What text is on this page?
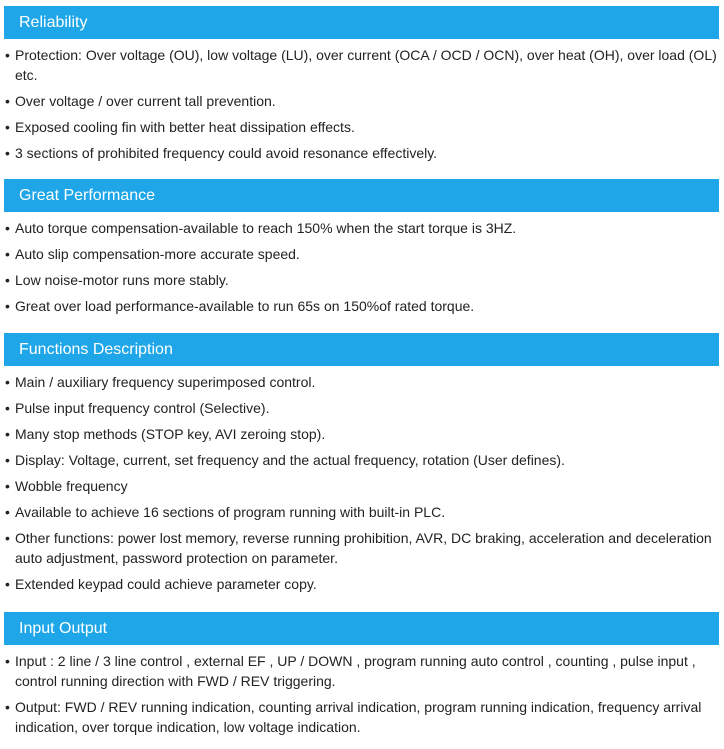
Reliability
• Protection: Over voltage (OU), low voltage (LU), over current (OCA / OCD / OCN), over heat (OH), over load (OL) etc.
• Over voltage / over current tall prevention.
• Exposed cooling fin with better heat dissipation effects.
• 3 sections of prohibited frequency could avoid resonance effectively.
Great Performance
• Auto torque compensation-available to reach 150% when the start torque is 3HZ.
• Auto slip compensation-more accurate speed.
• Low noise-motor runs more stably.
• Great over load performance-available to run 65s on 150%of rated torque.
Functions Description
• Main / auxiliary frequency superimposed control.
• Pulse input frequency control (Selective).
• Many stop methods (STOP key, AVI zeroing stop).
• Display: Voltage, current, set frequency and the actual frequency, rotation (User defines).
• Wobble frequency
• Available to achieve 16 sections of program running with built-in PLC.
• Other functions: power lost memory, reverse running prohibition, AVR, DC braking, acceleration and deceleration auto adjustment, password protection on parameter.
• Extended keypad could achieve parameter copy.
Input Output
• Input : 2 line / 3 line control , external EF , UP / DOWN , program running auto control , counting , pulse input , control running direction with FWD / REV triggering.
• Output: FWD / REV running indication, counting arrival indication, program running indication, frequency arrival indication, over torque indication, low voltage indication.
